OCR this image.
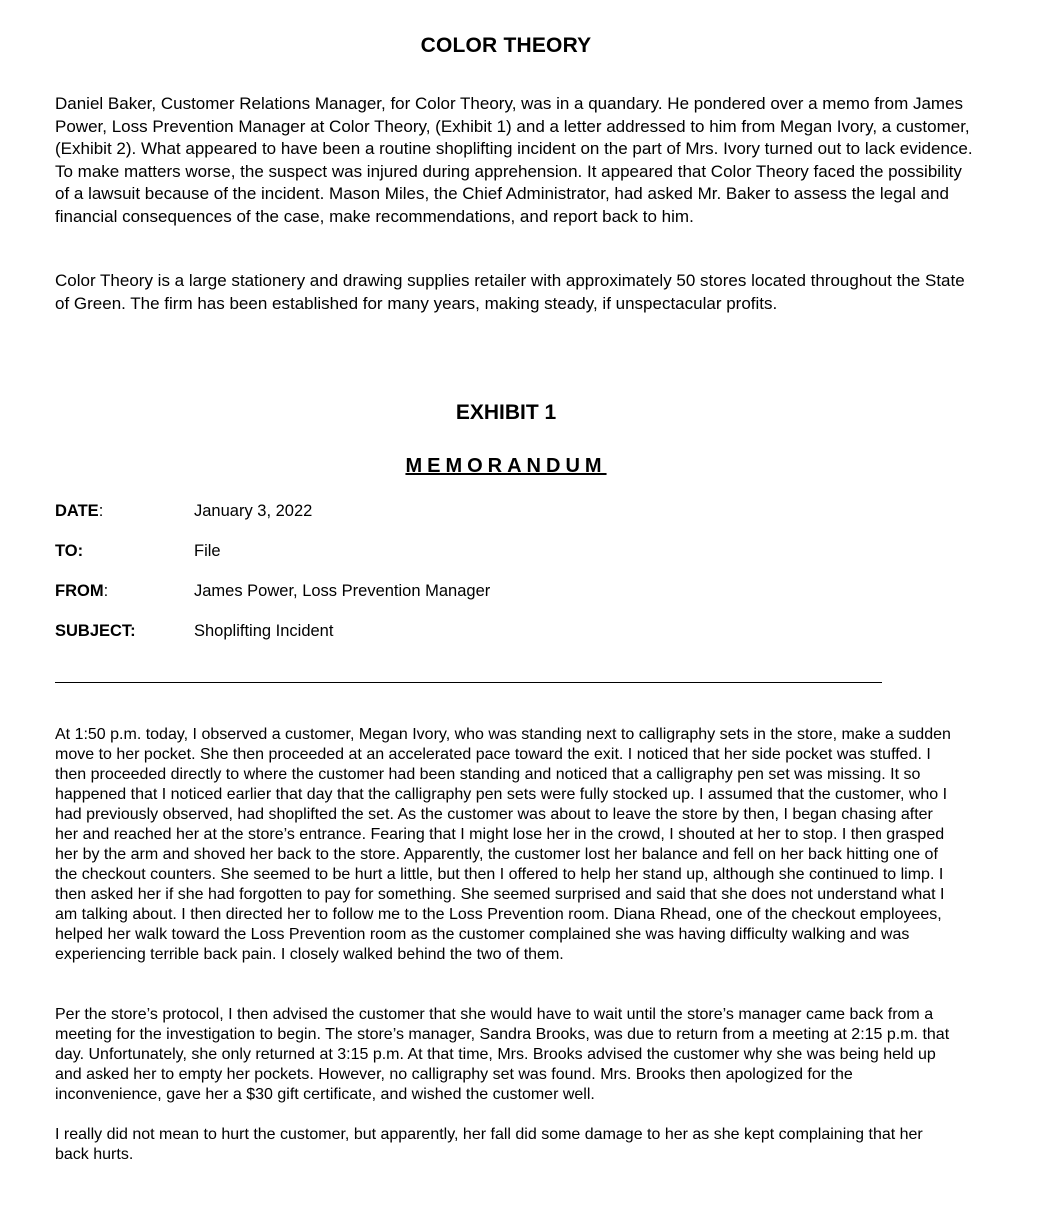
COLOR THEORY

Daniel Baker, Customer Relations Manager, for Color Theory, was in a quandary. He pondered over a memo from James Power, Loss Prevention Manager at Color Theory, (Exhibit 1) and a letter addressed to him from Megan Ivory, a customer, (Exhibit 2). What appeared to have been a routine shoplifting incident on the part of Mrs. Ivory turned out to lack evidence. To make matters worse, the suspect was injured during apprehension. It appeared that Color Theory faced the possibility of a lawsuit because of the incident. Mason Miles, the Chief Administrator, had asked Mr. Baker to assess the legal and financial consequences of the case, make recommendations, and report back to him.

Color Theory is a large stationery and drawing supplies retailer with approximately 50 stores located throughout the State of Green. The firm has been established for many years, making steady, if unspectacular profits.

EXHIBIT 1
MEMORANDUM
DATE:	January 3, 2022
TO:	File
FROM:	James Power, Loss Prevention Manager
SUBJECT:	Shoplifting Incident

At 1:50 p.m. today, I observed a customer, Megan Ivory, who was standing next to calligraphy sets in the store, make a sudden move to her pocket. She then proceeded at an accelerated pace toward the exit. I noticed that her side pocket was stuffed. I then proceeded directly to where the customer had been standing and noticed that a calligraphy pen set was missing. It so happened that I noticed earlier that day that the calligraphy pen sets were fully stocked up. I assumed that the customer, who I had previously observed, had shoplifted the set. As the customer was about to leave the store by then, I began chasing after her and reached her at the store’s entrance. Fearing that I might lose her in the crowd, I shouted at her to stop. I then grasped her by the arm and shoved her back to the store. Apparently, the customer lost her balance and fell on her back hitting one of the checkout counters. She seemed to be hurt a little, but then I offered to help her stand up, although she continued to limp. I then asked her if she had forgotten to pay for something. She seemed surprised and said that she does not understand what I am talking about. I then directed her to follow me to the Loss Prevention room. Diana Rhead, one of the checkout employees, helped her walk toward the Loss Prevention room as the customer complained she was having difficulty walking and was experiencing terrible back pain. I closely walked behind the two of them.

Per the store’s protocol, I then advised the customer that she would have to wait until the store’s manager came back from a meeting for the investigation to begin. The store’s manager, Sandra Brooks, was due to return from a meeting at 2:15 p.m. that day. Unfortunately, she only returned at 3:15 p.m. At that time, Mrs. Brooks advised the customer why she was being held up and asked her to empty her pockets. However, no calligraphy set was found. Mrs. Brooks then apologized for the inconvenience, gave her a $30 gift certificate, and wished the customer well.

I really did not mean to hurt the customer, but apparently, her fall did some damage to her as she kept complaining that her back hurts.
